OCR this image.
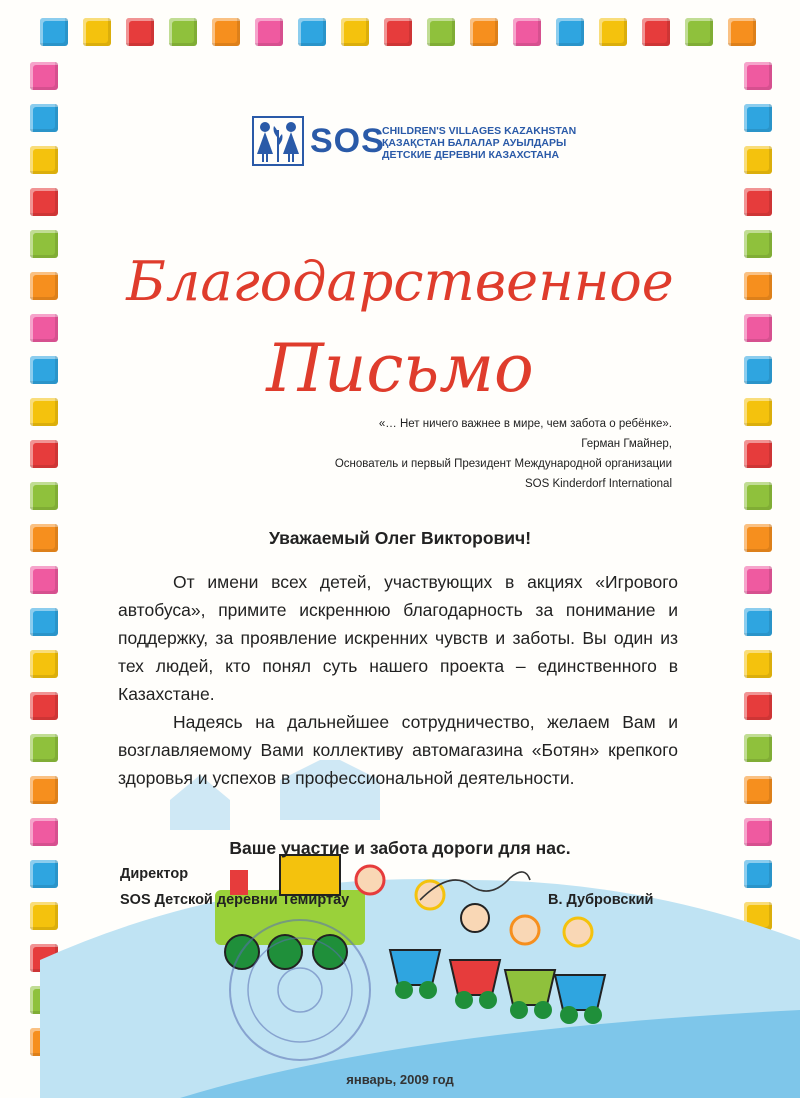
SOS
CHILDREN'S VILLAGES KAZAKHSTAN
ҚАЗАҚСТАН БАЛАЛАР АУЫЛДАРЫ
ДЕТСКИЕ ДЕРЕВНИ КАЗАХСТАНА
Благодарственное
Письмо
«… Нет ничего важнее в мире, чем забота о ребёнке».
Герман Гмайнер,
Основатель и первый Президент Международной организации
SOS Kinderdorf International
Уважаемый Олег Викторович!

От имени всех детей, участвующих в акциях «Игрового автобуса», примите искреннюю благодарность за понимание и поддержку, за проявление искренних чувств и заботы. Вы один из тех людей, кто понял суть нашего проекта – единственного в Казахстане.

Надеясь на дальнейшее сотрудничество, желаем Вам и возглавляемому Вами коллективу автомагазина «Ботян» крепкого здоровья и успехов в профессиональной деятельности.

Ваше участие и забота дороги для нас.
Директор
SOS Детской деревни Темиртау	В. Дубровский
январь, 2009 год
